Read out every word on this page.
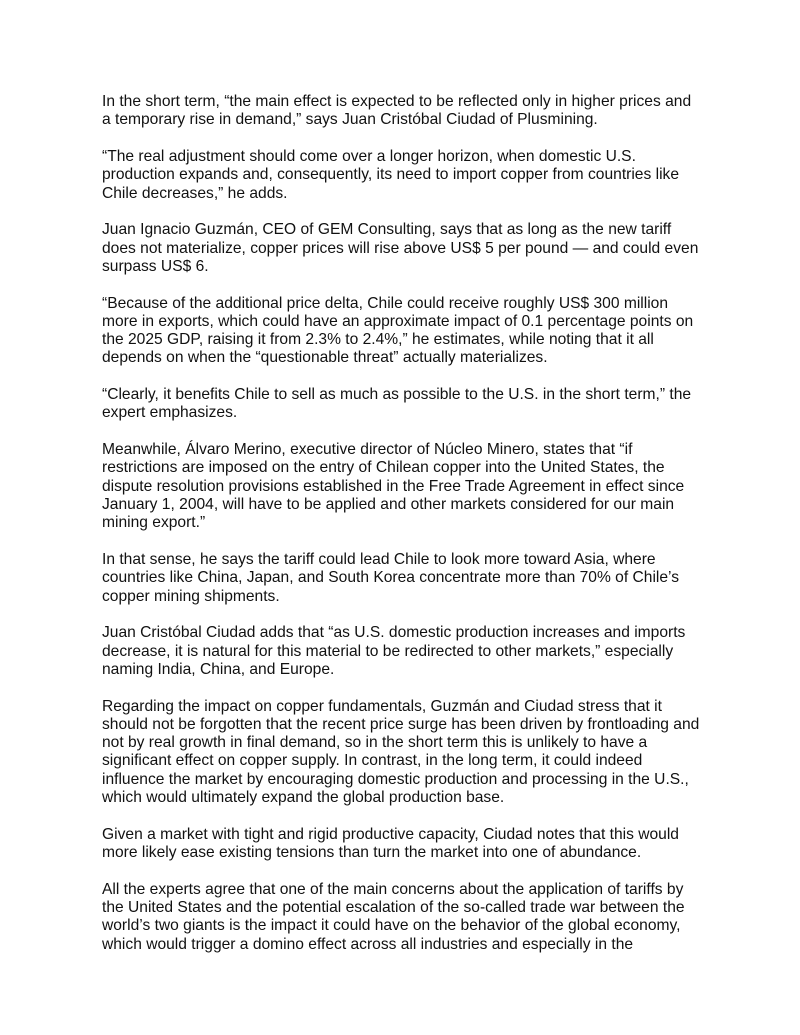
In the short term, “the main effect is expected to be reflected only in higher prices and a temporary rise in demand,” says Juan Cristóbal Ciudad of Plusmining.

“The real adjustment should come over a longer horizon, when domestic U.S. production expands and, consequently, its need to import copper from countries like Chile decreases,” he adds.

Juan Ignacio Guzmán, CEO of GEM Consulting, says that as long as the new tariff does not materialize, copper prices will rise above US$ 5 per pound — and could even surpass US$ 6.

“Because of the additional price delta, Chile could receive roughly US$ 300 million more in exports, which could have an approximate impact of 0.1 percentage points on the 2025 GDP, raising it from 2.3% to 2.4%,” he estimates, while noting that it all depends on when the “questionable threat” actually materializes.

“Clearly, it benefits Chile to sell as much as possible to the U.S. in the short term,” the expert emphasizes.

Meanwhile, Álvaro Merino, executive director of Núcleo Minero, states that “if restrictions are imposed on the entry of Chilean copper into the United States, the dispute resolution provisions established in the Free Trade Agreement in effect since January 1, 2004, will have to be applied and other markets considered for our main mining export.”

In that sense, he says the tariff could lead Chile to look more toward Asia, where countries like China, Japan, and South Korea concentrate more than 70% of Chile’s copper mining shipments.

Juan Cristóbal Ciudad adds that “as U.S. domestic production increases and imports decrease, it is natural for this material to be redirected to other markets,” especially naming India, China, and Europe.

Regarding the impact on copper fundamentals, Guzmán and Ciudad stress that it should not be forgotten that the recent price surge has been driven by frontloading and not by real growth in final demand, so in the short term this is unlikely to have a significant effect on copper supply. In contrast, in the long term, it could indeed influence the market by encouraging domestic production and processing in the U.S., which would ultimately expand the global production base.

Given a market with tight and rigid productive capacity, Ciudad notes that this would more likely ease existing tensions than turn the market into one of abundance.

All the experts agree that one of the main concerns about the application of tariffs by the United States and the potential escalation of the so-called trade war between the world’s two giants is the impact it could have on the behavior of the global economy, which would trigger a domino effect across all industries and especially in the
